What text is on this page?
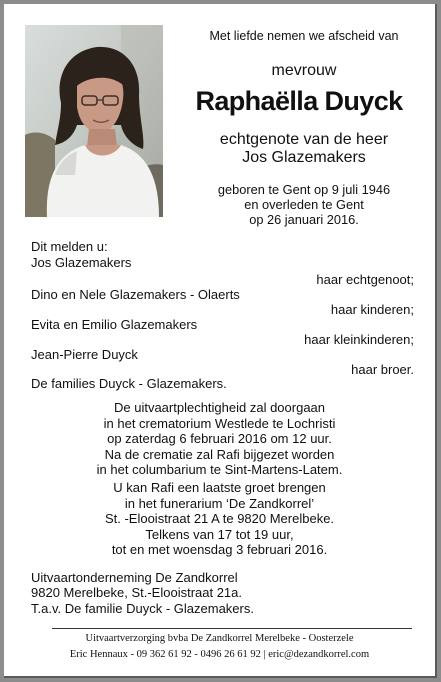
Met liefde nemen we afscheid van
mevrouw
Raphaëlla Duyck
echtgenote van de heer
Jos Glazemakers
geboren te Gent op 9 juli 1946
en overleden te Gent
op 26 januari 2016.
Dit melden u:
Jos Glazemakers
haar echtgenoot;
Dino en Nele Glazemakers - Olaerts
haar kinderen;
Evita en Emilio Glazemakers
haar kleinkinderen;
Jean-Pierre Duyck
haar broer.
De families Duyck - Glazemakers.
De uitvaartplechtigheid zal doorgaan
in het crematorium Westlede te Lochristi
op zaterdag 6 februari 2016 om 12 uur.
Na de crematie zal Rafi bijgezet worden
in het columbarium te Sint-Martens-Latem.
U kan Rafi een laatste groet brengen
in het funerarium ‘De Zandkorrel’
St. -Elooistraat 21 A te 9820 Merelbeke.
Telkens van 17 tot 19 uur,
tot en met woensdag 3 februari 2016.
Uitvaartonderneming De Zandkorrel
9820 Merelbeke, St.-Elooistraat 21a.
T.a.v. De familie Duyck - Glazemakers.
Uitvaartverzorging bvba De Zandkorrel Merelbeke - Oosterzele
Eric Hennaux - 09 362 61 92 - 0496 26 61 92 | eric@dezandkorrel.com
